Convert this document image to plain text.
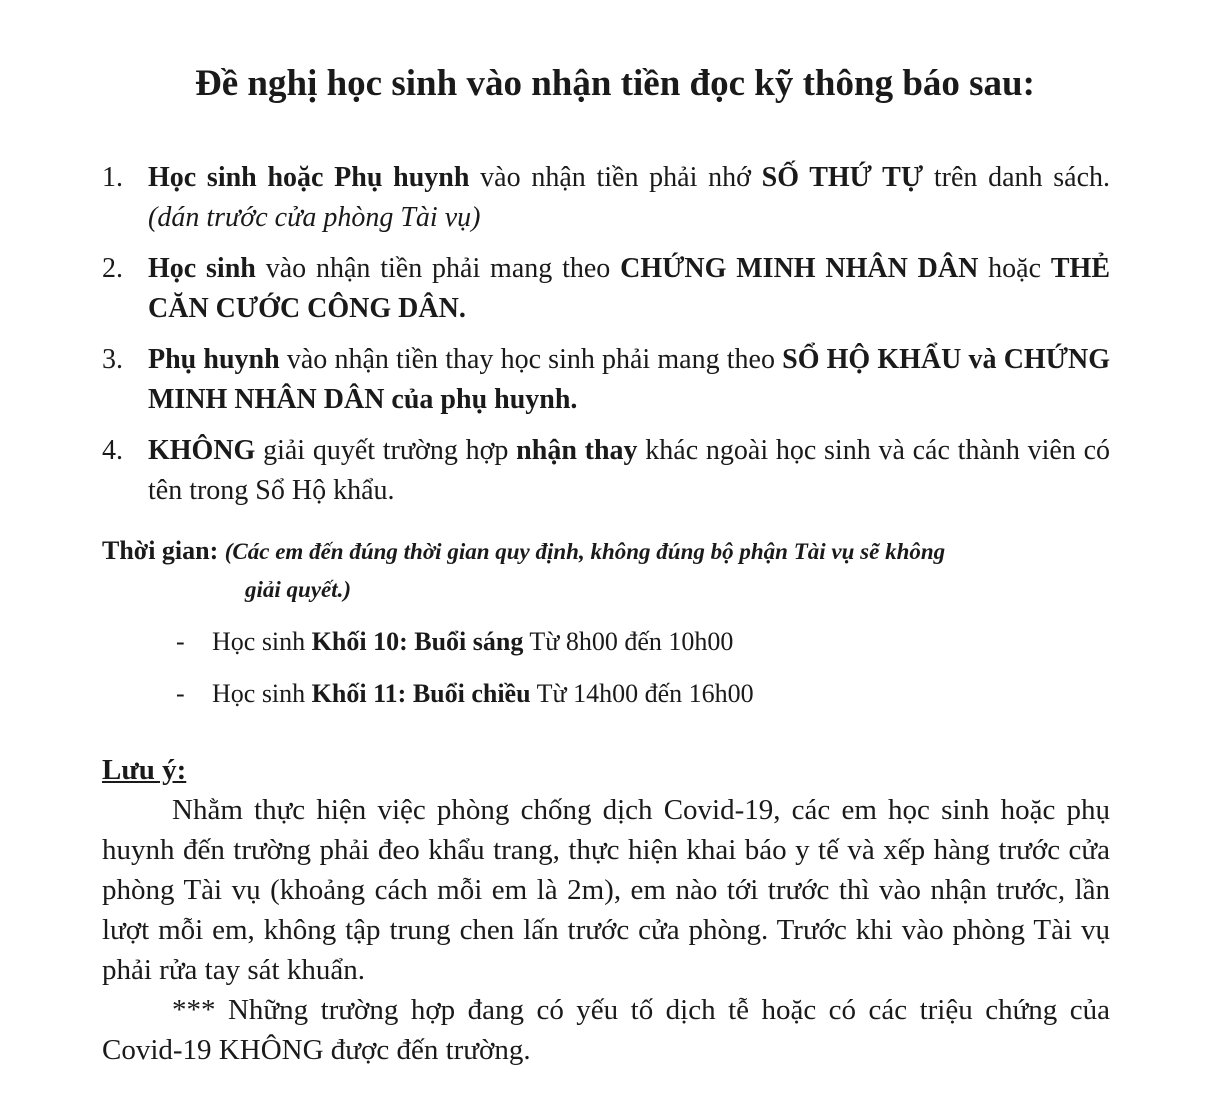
Đề nghị học sinh vào nhận tiền đọc kỹ thông báo sau:
1. Học sinh hoặc Phụ huynh vào nhận tiền phải nhớ SỐ THỨ TỰ trên danh sách. (dán trước cửa phòng Tài vụ)
2. Học sinh vào nhận tiền phải mang theo CHỨNG MINH NHÂN DÂN hoặc THẺ CĂN CƯỚC CÔNG DÂN.
3. Phụ huynh vào nhận tiền thay học sinh phải mang theo SỔ HỘ KHẨU và CHỨNG MINH NHÂN DÂN của phụ huynh.
4. KHÔNG giải quyết trường hợp nhận thay khác ngoài học sinh và các thành viên có tên trong Sổ Hộ khẩu.
Thời gian: (Các em đến đúng thời gian quy định, không đúng bộ phận Tài vụ sẽ không
giải quyết.)
- Học sinh Khối 10: Buổi sáng Từ 8h00 đến 10h00
- Học sinh Khối 11: Buổi chiều Từ 14h00 đến 16h00
Lưu ý:
Nhằm thực hiện việc phòng chống dịch Covid-19, các em học sinh hoặc phụ huynh đến trường phải đeo khẩu trang, thực hiện khai báo y tế và xếp hàng trước cửa phòng Tài vụ (khoảng cách mỗi em là 2m), em nào tới trước thì vào nhận trước, lần lượt mỗi em, không tập trung chen lấn trước cửa phòng. Trước khi vào phòng Tài vụ phải rửa tay sát khuẩn.
*** Những trường hợp đang có yếu tố dịch tễ hoặc có các triệu chứng của Covid-19 KHÔNG được đến trường.
